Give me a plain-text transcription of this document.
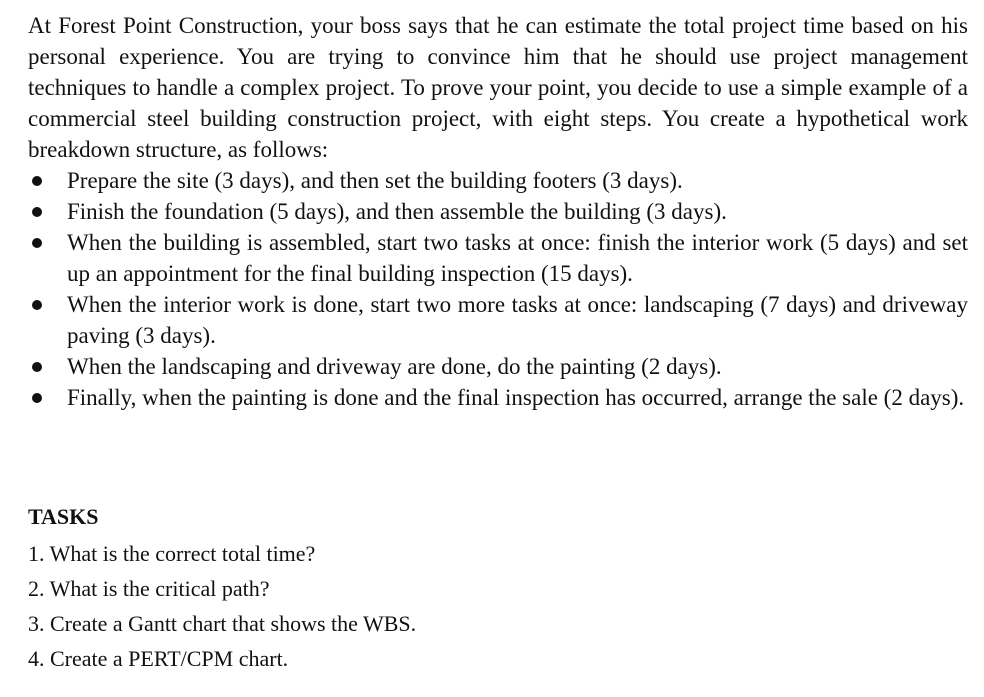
At Forest Point Construction, your boss says that he can estimate the total project time based on his personal experience. You are trying to convince him that he should use project management techniques to handle a complex project. To prove your point, you decide to use a simple example of a commercial steel building construction project, with eight steps. You create a hypothetical work breakdown structure, as follows:

Prepare the site (3 days), and then set the building footers (3 days).
Finish the foundation (5 days), and then assemble the building (3 days).
When the building is assembled, start two tasks at once: finish the interior work (5 days) and set up an appointment for the final building inspection (15 days).
When the interior work is done, start two more tasks at once: landscaping (7 days) and driveway paving (3 days).
When the landscaping and driveway are done, do the painting (2 days).
Finally, when the painting is done and the final inspection has occurred, arrange the sale (2 days).
TASKS
1. What is the correct total time?
2. What is the critical path?
3. Create a Gantt chart that shows the WBS.
4. Create a PERT/CPM chart.
